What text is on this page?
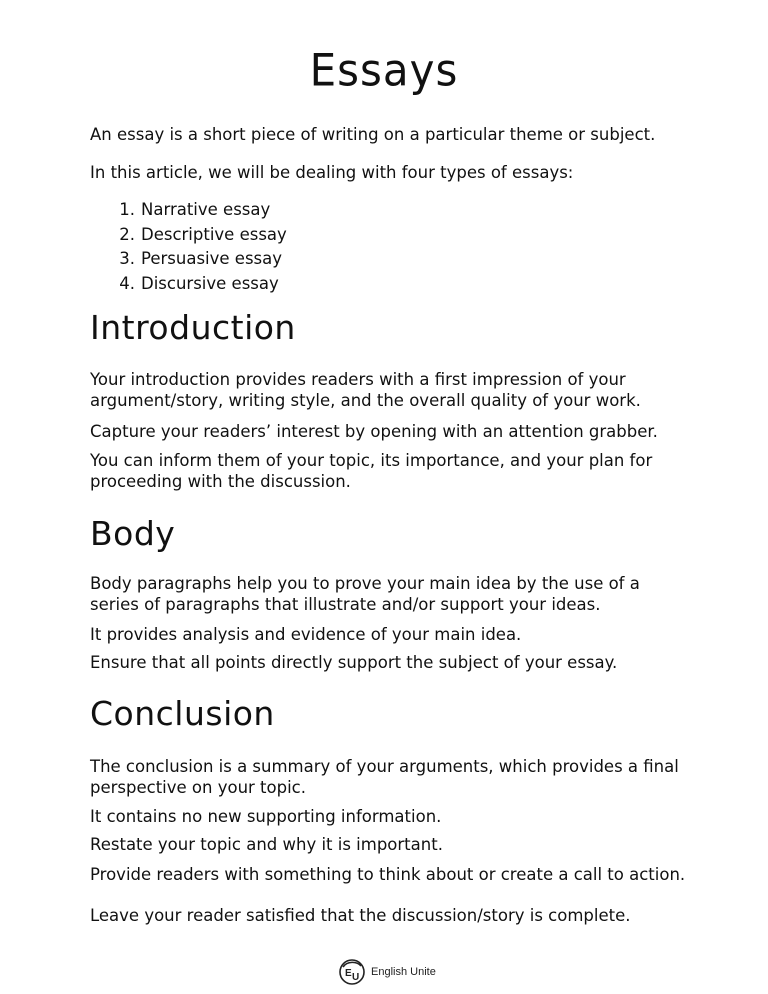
Essays

An essay is a short piece of writing on a particular theme or subject.

In this article, we will be dealing with four types of essays:

1. Narrative essay
2. Descriptive essay
3. Persuasive essay
4. Discursive essay
Introduction

Your introduction provides readers with a first impression of your argument/story, writing style, and the overall quality of your work.

Capture your readers’ interest by opening with an attention grabber.

You can inform them of your topic, its importance, and your plan for proceeding with the discussion.

Body

Body paragraphs help you to prove your main idea by the use of a series of paragraphs that illustrate and/or support your ideas.

It provides analysis and evidence of your main idea.

Ensure that all points directly support the subject of your essay.

Conclusion

The conclusion is a summary of your arguments, which provides a final perspective on your topic.

It contains no new supporting information.

Restate your topic and why it is important.

Provide readers with something to think about or create a call to action.

Leave your reader satisfied that the discussion/story is complete.

E U English Unite
